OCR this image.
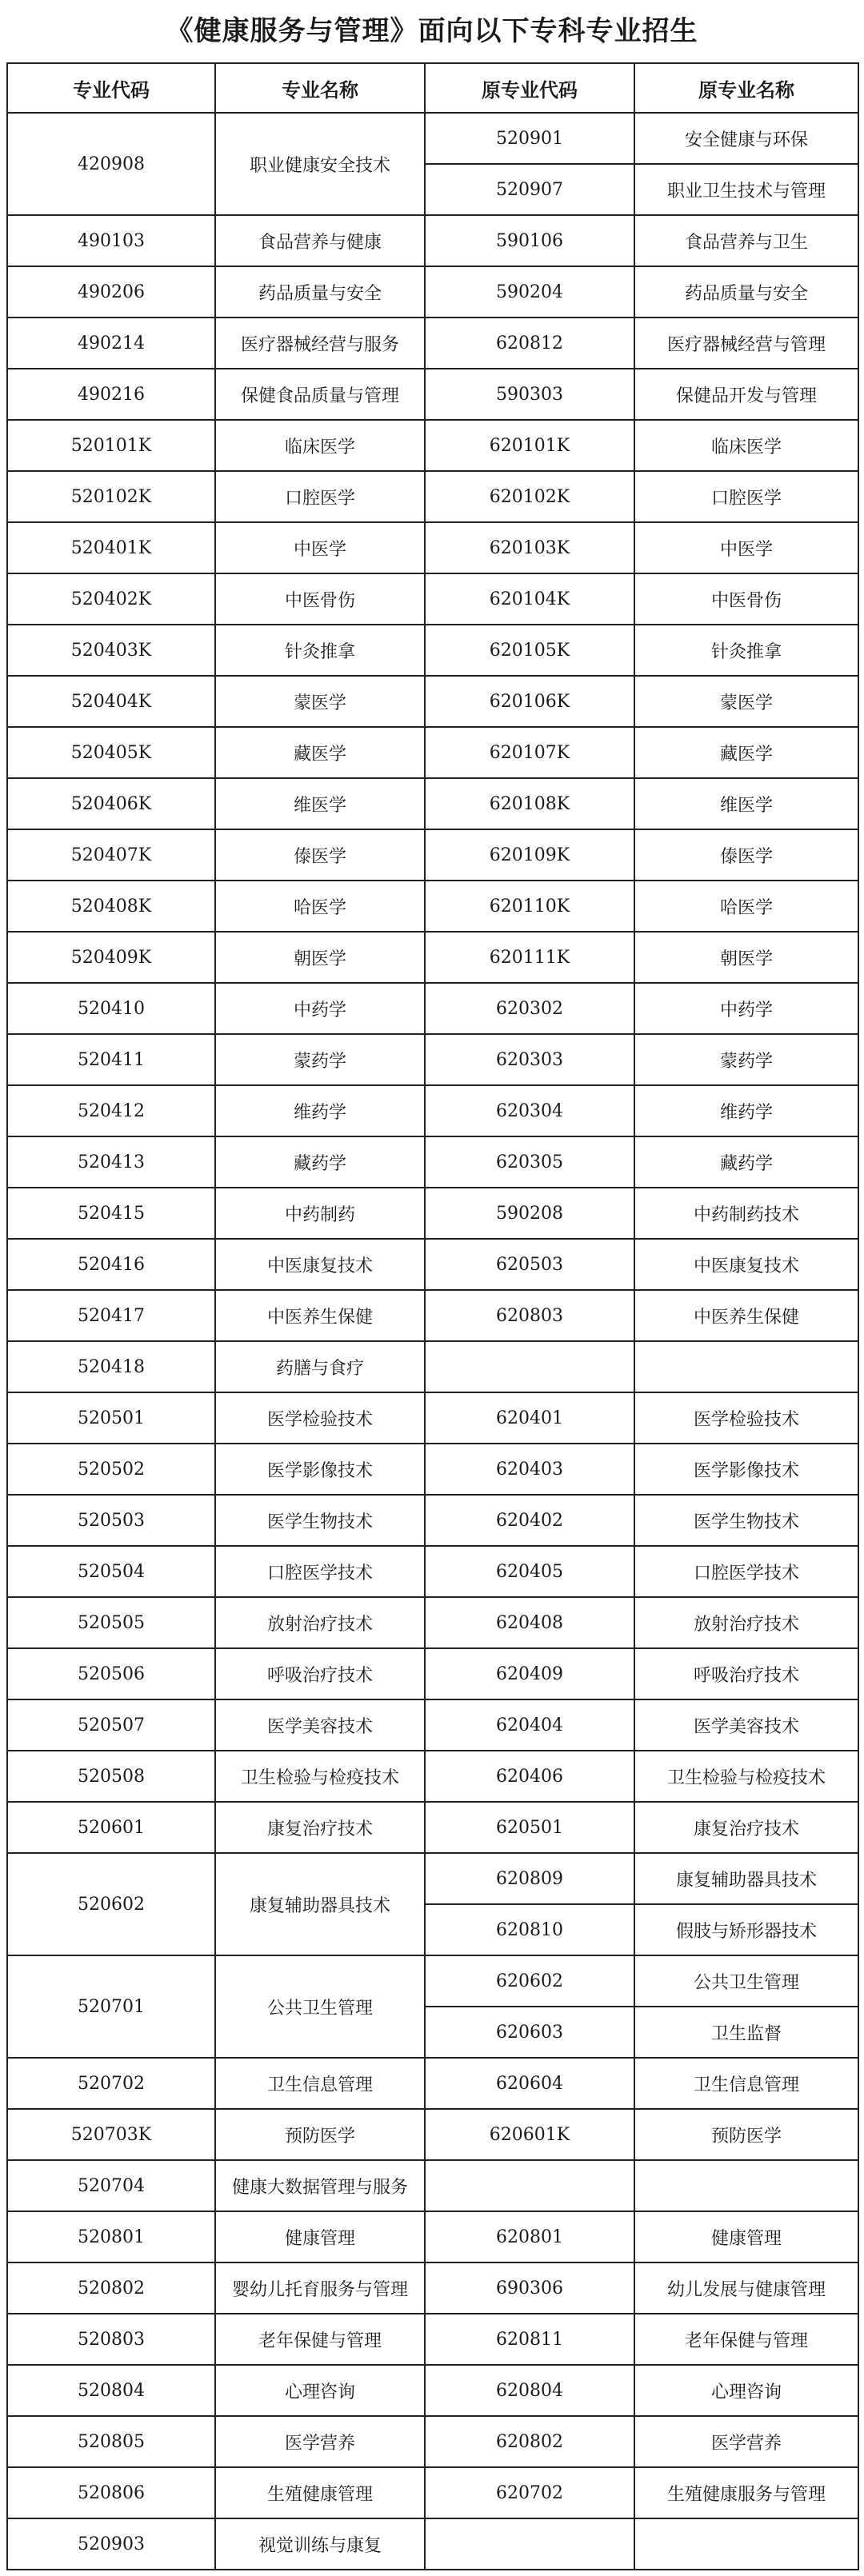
《健康服务与管理》面向以下专科专业招生
专业代码	专业名称	原专业代码	原专业名称
420908	职业健康安全技术	520901	安全健康与环保
		520907	职业卫生技术与管理
490103	食品营养与健康	590106	食品营养与卫生
490206	药品质量与安全	590204	药品质量与安全
490214	医疗器械经营与服务	620812	医疗器械经营与管理
490216	保健食品质量与管理	590303	保健品开发与管理
520101K	临床医学	620101K	临床医学
520102K	口腔医学	620102K	口腔医学
520401K	中医学	620103K	中医学
520402K	中医骨伤	620104K	中医骨伤
520403K	针灸推拿	620105K	针灸推拿
520404K	蒙医学	620106K	蒙医学
520405K	藏医学	620107K	藏医学
520406K	维医学	620108K	维医学
520407K	傣医学	620109K	傣医学
520408K	哈医学	620110K	哈医学
520409K	朝医学	620111K	朝医学
520410	中药学	620302	中药学
520411	蒙药学	620303	蒙药学
520412	维药学	620304	维药学
520413	藏药学	620305	藏药学
520415	中药制药	590208	中药制药技术
520416	中医康复技术	620503	中医康复技术
520417	中医养生保健	620803	中医养生保健
520418	药膳与食疗		
520501	医学检验技术	620401	医学检验技术
520502	医学影像技术	620403	医学影像技术
520503	医学生物技术	620402	医学生物技术
520504	口腔医学技术	620405	口腔医学技术
520505	放射治疗技术	620408	放射治疗技术
520506	呼吸治疗技术	620409	呼吸治疗技术
520507	医学美容技术	620404	医学美容技术
520508	卫生检验与检疫技术	620406	卫生检验与检疫技术
520601	康复治疗技术	620501	康复治疗技术
520602	康复辅助器具技术	620809	康复辅助器具技术
		620810	假肢与矫形器技术
520701	公共卫生管理	620602	公共卫生管理
		620603	卫生监督
520702	卫生信息管理	620604	卫生信息管理
520703K	预防医学	620601K	预防医学
520704	健康大数据管理与服务		
520801	健康管理	620801	健康管理
520802	婴幼儿托育服务与管理	690306	幼儿发展与健康管理
520803	老年保健与管理	620811	老年保健与管理
520804	心理咨询	620804	心理咨询
520805	医学营养	620802	医学营养
520806	生殖健康管理	620702	生殖健康服务与管理
520903	视觉训练与康复		
